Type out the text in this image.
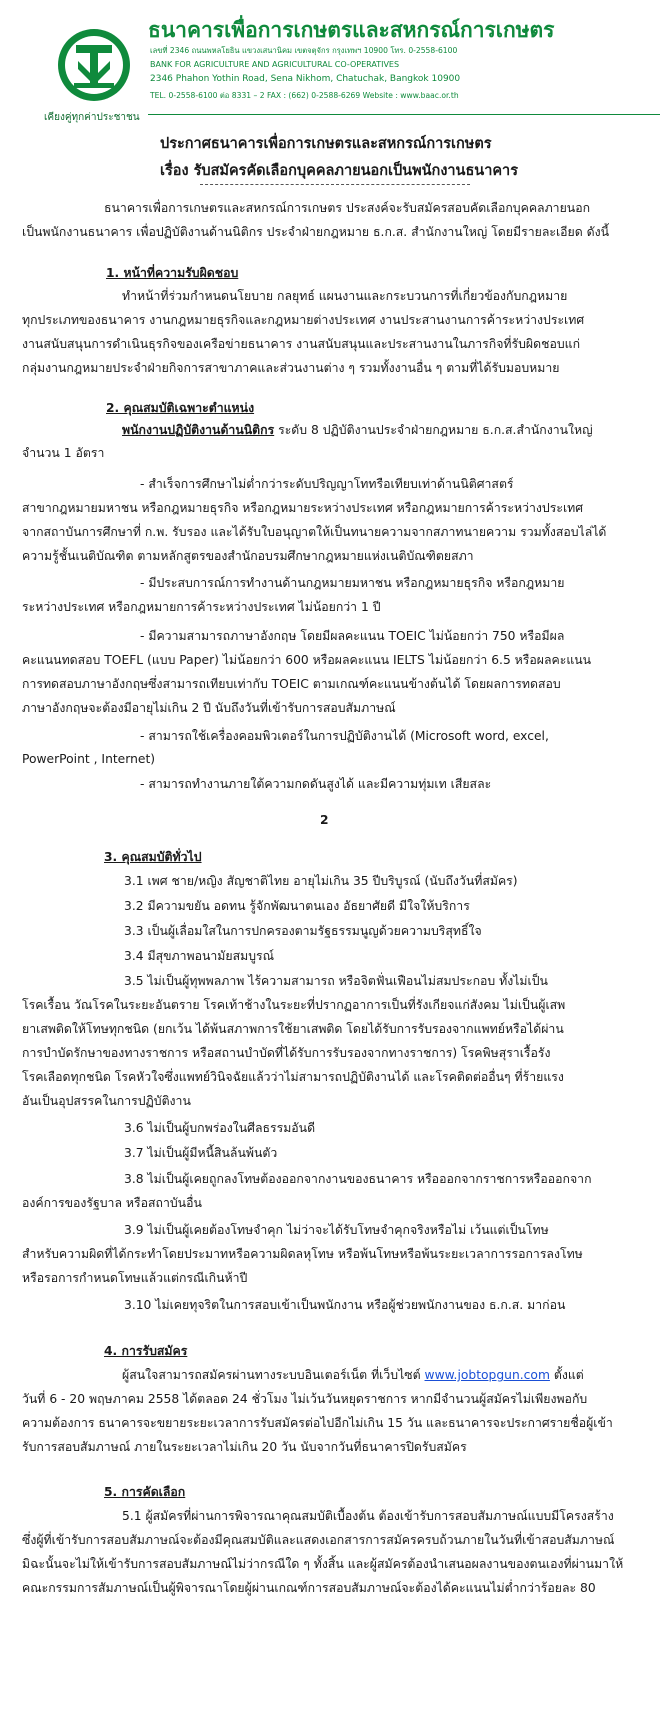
เคียงคู่ทุกค่าประชาชน
ธนาคารเพื่อการเกษตรและสหกรณ์การเกษตร
เลขที่ 2346 ถนนพหลโยธิน แขวงเสนานิคม เขตจตุจักร กรุงเทพฯ 10900 โทร. 0-2558-6100
BANK FOR AGRICULTURE AND AGRICULTURAL CO-OPERATIVES
2346 Phahon Yothin Road, Sena Nikhom, Chatuchak, Bangkok 10900
TEL. 0-2558-6100 ต่อ 8331 – 2 FAX : (662) 0-2588-6269 Website : www.baac.or.th
ประกาศธนาคารเพื่อการเกษตรและสหกรณ์การเกษตร
เรื่อง รับสมัครคัดเลือกบุคคลภายนอกเป็นพนักงานธนาคาร
ธนาคารเพื่อการเกษตรและสหกรณ์การเกษตร ประสงค์จะรับสมัครสอบคัดเลือกบุคคลภายนอก
เป็นพนักงานธนาคาร เพื่อปฏิบัติงานด้านนิติกร ประจำฝ่ายกฎหมาย ธ.ก.ส. สำนักงานใหญ่ โดยมีรายละเอียด ดังนี้
1. หน้าที่ความรับผิดชอบ
ทำหน้าที่ร่วมกำหนดนโยบาย กลยุทธ์ แผนงานและกระบวนการที่เกี่ยวข้องกับกฎหมาย
ทุกประเภทของธนาคาร งานกฎหมายธุรกิจและกฎหมายต่างประเทศ งานประสานงานการค้าระหว่างประเทศ
งานสนับสนุนการดำเนินธุรกิจของเครือข่ายธนาคาร งานสนับสนุนและประสานงานในภารกิจที่รับผิดชอบแก่
กลุ่มงานกฎหมายประจำฝ่ายกิจการสาขาภาคและส่วนงานต่าง ๆ รวมทั้งงานอื่น ๆ ตามที่ได้รับมอบหมาย
2. คุณสมบัติเฉพาะตำแหน่ง
พนักงานปฏิบัติงานด้านนิติกร ระดับ 8 ปฏิบัติงานประจำฝ่ายกฎหมาย ธ.ก.ส.สำนักงานใหญ่
จำนวน 1 อัตรา
- สำเร็จการศึกษาไม่ต่ำกว่าระดับปริญญาโททรือเทียบเท่าด้านนิติศาสตร์
สาขากฎหมายมหาชน หรือกฎหมายธุรกิจ หรือกฎหมายระหว่างประเทศ หรือกฎหมายการค้าระหว่างประเทศ
จากสถาบันการศึกษาที่ ก.พ. รับรอง และได้รับใบอนุญาตให้เป็นทนายความจากสภาทนายความ รวมทั้งสอบไล่ได้
ความรู้ชั้นเนติบัณฑิต ตามหลักสูตรของสำนักอบรมศึกษากฎหมายแห่งเนติบัณฑิตยสภา
- มีประสบการณ์การทำงานด้านกฎหมายมหาชน หรือกฎหมายธุรกิจ หรือกฎหมาย
ระหว่างประเทศ หรือกฎหมายการค้าระหว่างประเทศ ไม่น้อยกว่า 1 ปี
- มีความสามารถภาษาอังกฤษ โดยมีผลคะแนน TOEIC ไม่น้อยกว่า 750 หรือมีผล
คะแนนทดสอบ TOEFL (แบบ Paper) ไม่น้อยกว่า 600 หรือผลคะแนน IELTS ไม่น้อยกว่า 6.5 หรือผลคะแนน
การทดสอบภาษาอังกฤษซึ่งสามารถเทียบเท่ากับ TOEIC ตามเกณฑ์คะแนนข้างต้นได้ โดยผลการทดสอบ
ภาษาอังกฤษจะต้องมีอายุไม่เกิน 2 ปี นับถึงวันที่เข้ารับการสอบสัมภาษณ์
- สามารถใช้เครื่องคอมพิวเตอร์ในการปฏิบัติงานได้ (Microsoft word, excel,
PowerPoint , Internet)
- สามารถทำงานภายใต้ความกดดันสูงได้ และมีความทุ่มเท เสียสละ
2
3. คุณสมบัติทั่วไป
3.1 เพศ ชาย/หญิง สัญชาติไทย อายุไม่เกิน 35 ปีบริบูรณ์ (นับถึงวันที่สมัคร)
3.2 มีความขยัน อดทน รู้จักพัฒนาตนเอง อัธยาศัยดี มีใจให้บริการ
3.3 เป็นผู้เลื่อมใสในการปกครองตามรัฐธรรมนูญด้วยความบริสุทธิ์ใจ
3.4 มีสุขภาพอนามัยสมบูรณ์
3.5 ไม่เป็นผู้ทุพพลภาพ ไร้ความสามารถ หรือจิตฟั่นเฟือนไม่สมประกอบ ทั้งไม่เป็น
โรคเรื้อน วัณโรคในระยะอันตราย โรคเท้าช้างในระยะที่ปรากฏอาการเป็นที่รังเกียจแก่สังคม ไม่เป็นผู้เสพ
ยาเสพติดให้โทษทุกชนิด (ยกเว้น ได้พ้นสภาพการใช้ยาเสพติด โดยได้รับการรับรองจากแพทย์หรือได้ผ่าน
การบำบัดรักษาของทางราชการ หรือสถานบำบัดที่ได้รับการรับรองจากทางราชการ) โรคพิษสุราเรื้อรัง
โรคเลือดทุกชนิด โรคหัวใจซึ่งแพทย์วินิจฉัยแล้วว่าไม่สามารถปฏิบัติงานได้ และโรคติดต่ออื่นๆ ที่ร้ายแรง
อันเป็นอุปสรรคในการปฏิบัติงาน
3.6 ไม่เป็นผู้บกพร่องในศีลธรรมอันดี
3.7 ไม่เป็นผู้มีหนี้สินล้นพ้นตัว
3.8 ไม่เป็นผู้เคยถูกลงโทษต้องออกจากงานของธนาคาร หรือออกจากราชการหรือออกจาก
องค์การของรัฐบาล หรือสถาบันอื่น
3.9 ไม่เป็นผู้เคยต้องโทษจำคุก ไม่ว่าจะได้รับโทษจำคุกจริงหรือไม่ เว้นแต่เป็นโทษ
สำหรับความผิดที่ได้กระทำโดยประมาทหรือความผิดลหุโทษ หรือพ้นโทษหรือพ้นระยะเวลาการรอการลงโทษ
หรือรอการกำหนดโทษแล้วแต่กรณีเกินห้าปี
3.10 ไม่เคยทุจริตในการสอบเข้าเป็นพนักงาน หรือผู้ช่วยพนักงานของ ธ.ก.ส. มาก่อน
4. การรับสมัคร
ผู้สนใจสามารถสมัครผ่านทางระบบอินเตอร์เน็ต ที่เว็บไซต์ www.jobtopgun.com ตั้งแต่
วันที่ 6 - 20 พฤษภาคม 2558 ได้ตลอด 24 ชั่วโมง ไม่เว้นวันหยุดราชการ หากมีจำนวนผู้สมัครไม่เพียงพอกับ
ความต้องการ ธนาคารจะขยายระยะเวลาการรับสมัครต่อไปอีกไม่เกิน 15 วัน และธนาคารจะประกาศรายชื่อผู้เข้า
รับการสอบสัมภาษณ์ ภายในระยะเวลาไม่เกิน 20 วัน นับจากวันที่ธนาคารปิดรับสมัคร
5. การคัดเลือก
5.1 ผู้สมัครที่ผ่านการพิจารณาคุณสมบัติเบื้องต้น ต้องเข้ารับการสอบสัมภาษณ์แบบมีโครงสร้าง
ซึ่งผู้ที่เข้ารับการสอบสัมภาษณ์จะต้องมีคุณสมบัติและแสดงเอกสารการสมัครครบถ้วนภายในวันที่เข้าสอบสัมภาษณ์
มิฉะนั้นจะไม่ให้เข้ารับการสอบสัมภาษณ์ไม่ว่ากรณีใด ๆ ทั้งสิ้น และผู้สมัครต้องนำเสนอผลงานของตนเองที่ผ่านมาให้
คณะกรรมการสัมภาษณ์เป็นผู้พิจารณาโดยผู้ผ่านเกณฑ์การสอบสัมภาษณ์จะต้องได้คะแนนไม่ต่ำกว่าร้อยละ 80
